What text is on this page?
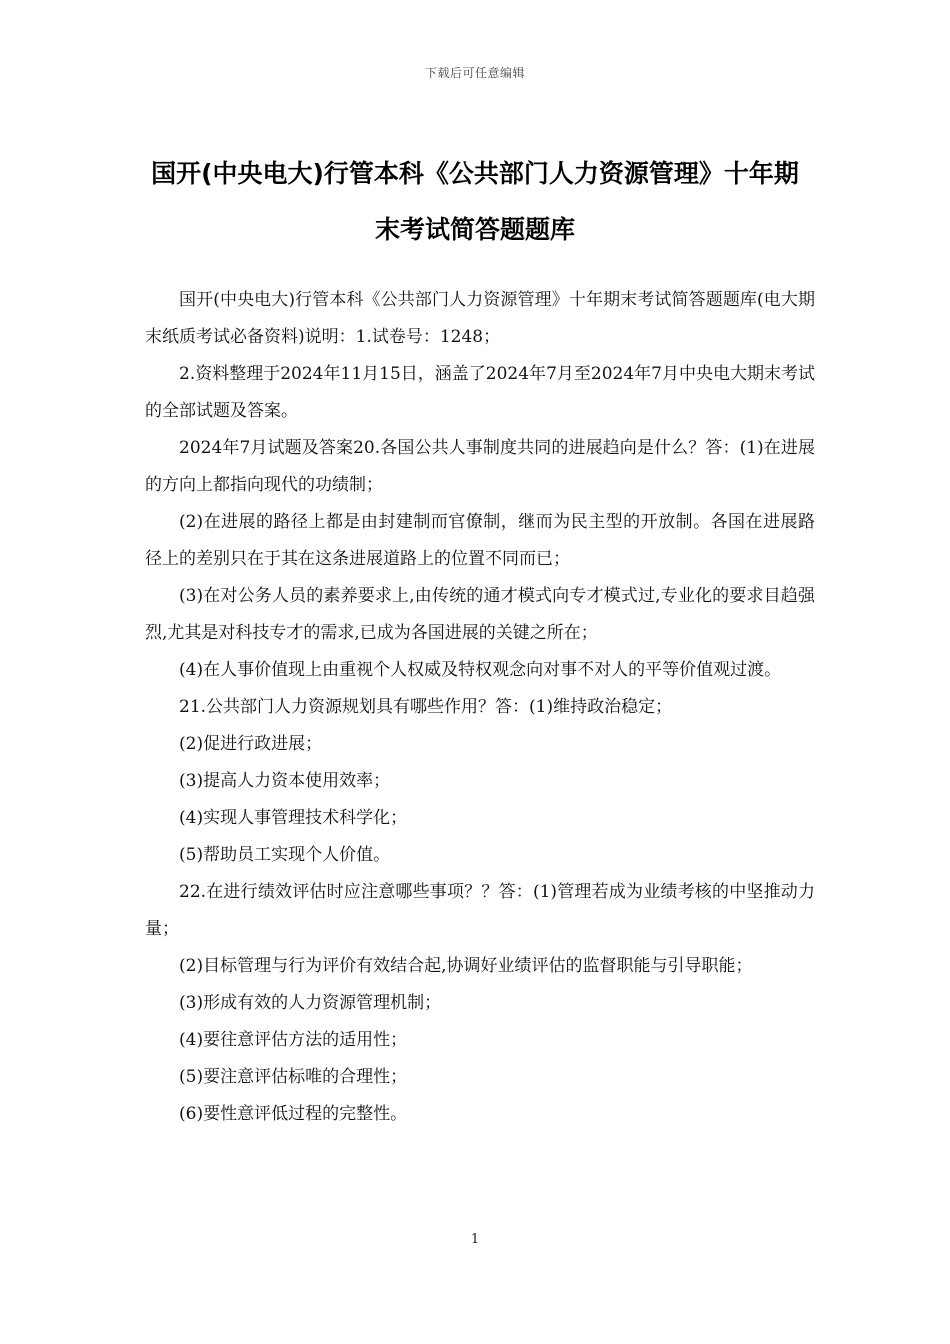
下载后可任意编辑
国开(中央电大)行管本科《公共部门人力资源管理》十年期末考试简答题题库

国开(中央电大)行管本科《公共部门人力资源管理》十年期末考试简答题题库(电大期末纸质考试必备资料)说明：1.试卷号：1248；

2.资料整理于2024年11月15日，涵盖了2024年7月至2024年7月中央电大期末考试的全部试题及答案。

2024年7月试题及答案20.各国公共人事制度共同的进展趋向是什么？答：(1)在进展的方向上都指向现代的功绩制；

(2)在进展的路径上都是由封建制而官僚制，继而为民主型的开放制。各国在进展路径上的差别只在于其在这条进展道路上的位置不同而已；

(3)在对公务人员的素养要求上,由传统的通才模式向专才模式过,专业化的要求目趋强烈,尤其是对科技专才的需求,已成为各国进展的关键之所在；

(4)在人事价值现上由重视个人权威及特权观念向对事不对人的平等价值观过渡。

21.公共部门人力资源规划具有哪些作用？答：(1)维持政治稳定；

(2)促进行政进展；

(3)提高人力资本使用效率；

(4)实现人事管理技术科学化；

(5)帮助员工实现个人价值。

22.在进行绩效评估时应注意哪些事项？？答：(1)管理若成为业绩考核的中坚推动力量；

(2)目标管理与行为评价有效结合起,协调好业绩评估的监督职能与引导职能；

(3)形成有效的人力资源管理机制；

(4)要往意评估方法的适用性；

(5)要注意评估标唯的合理性；

(6)要性意评低过程的完整性。

1
